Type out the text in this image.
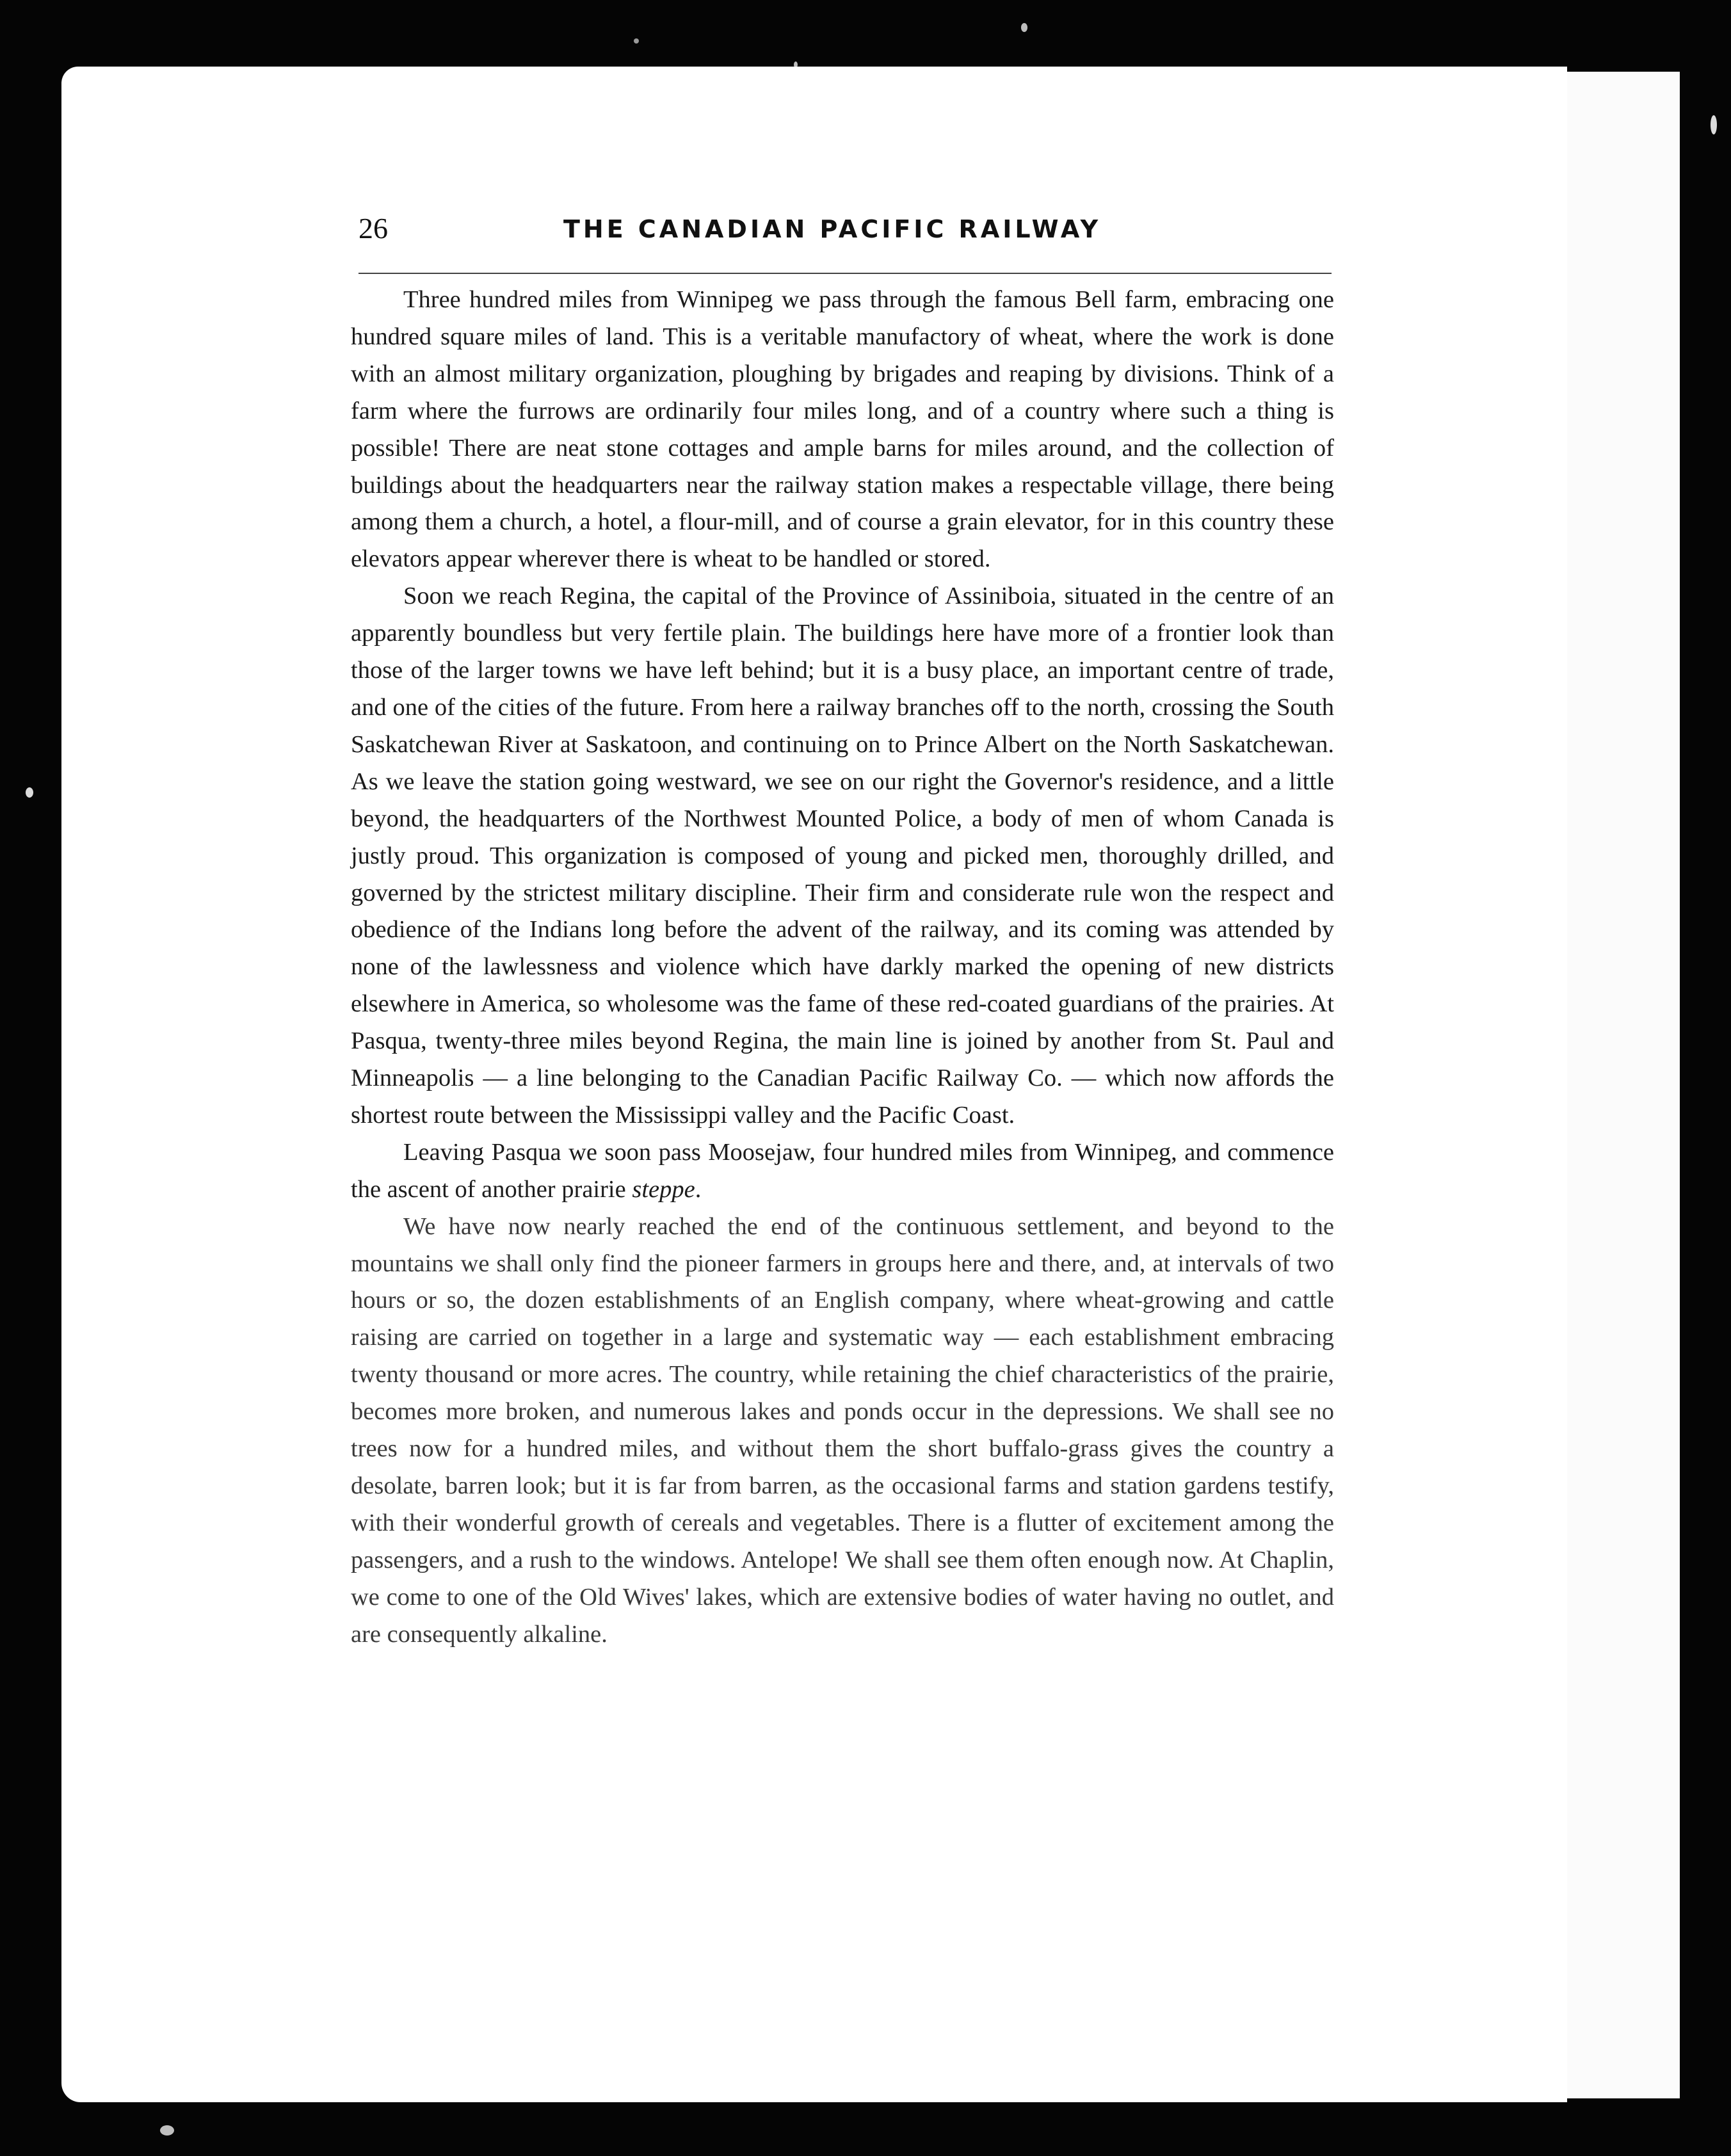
26	THE CANADIAN PACIFIC RAILWAY

Three hundred miles from Winnipeg we pass through the famous Bell farm, embracing one hundred square miles of land. This is a veritable manufactory of wheat, where the work is done with an almost military organization, ploughing by brigades and reaping by divisions. Think of a farm where the furrows are ordinarily four miles long, and of a country where such a thing is possible! There are neat stone cottages and ample barns for miles around, and the collection of buildings about the headquarters near the railway station makes a respectable village, there being among them a church, a hotel, a flour-mill, and of course a grain elevator, for in this country these elevators appear wherever there is wheat to be handled or stored.

Soon we reach Regina, the capital of the Province of Assiniboia, situated in the centre of an apparently boundless but very fertile plain. The buildings here have more of a frontier look than those of the larger towns we have left behind; but it is a busy place, an important centre of trade, and one of the cities of the future. From here a railway branches off to the north, crossing the South Saskatchewan River at Saskatoon, and continuing on to Prince Albert on the North Saskatchewan. As we leave the station going westward, we see on our right the Governor's residence, and a little beyond, the headquarters of the Northwest Mounted Police, a body of men of whom Canada is justly proud. This organization is composed of young and picked men, thoroughly drilled, and governed by the strictest military discipline. Their firm and considerate rule won the respect and obedience of the Indians long before the advent of the railway, and its coming was attended by none of the lawlessness and violence which have darkly marked the opening of new districts elsewhere in America, so wholesome was the fame of these red-coated guardians of the prairies. At Pasqua, twenty-three miles beyond Regina, the main line is joined by another from St. Paul and Minneapolis — a line belonging to the Canadian Pacific Railway Co. — which now affords the shortest route between the Mississippi valley and the Pacific Coast.

Leaving Pasqua we soon pass Moosejaw, four hundred miles from Winnipeg, and commence the ascent of another prairie steppe.

We have now nearly reached the end of the continuous settlement, and beyond to the mountains we shall only find the pioneer farmers in groups here and there, and, at intervals of two hours or so, the dozen establishments of an English company, where wheat-growing and cattle raising are carried on together in a large and systematic way — each establishment embracing twenty thousand or more acres. The country, while retaining the chief characteristics of the prairie, becomes more broken, and numerous lakes and ponds occur in the depressions. We shall see no trees now for a hundred miles, and without them the short buffalo-grass gives the country a desolate, barren look; but it is far from barren, as the occasional farms and station gardens testify, with their wonderful growth of cereals and vegetables. There is a flutter of excitement among the passengers, and a rush to the windows. Antelope! We shall see them often enough now. At Chaplin, we come to one of the Old Wives' lakes, which are extensive bodies of water having no outlet, and are consequently alkaline.
